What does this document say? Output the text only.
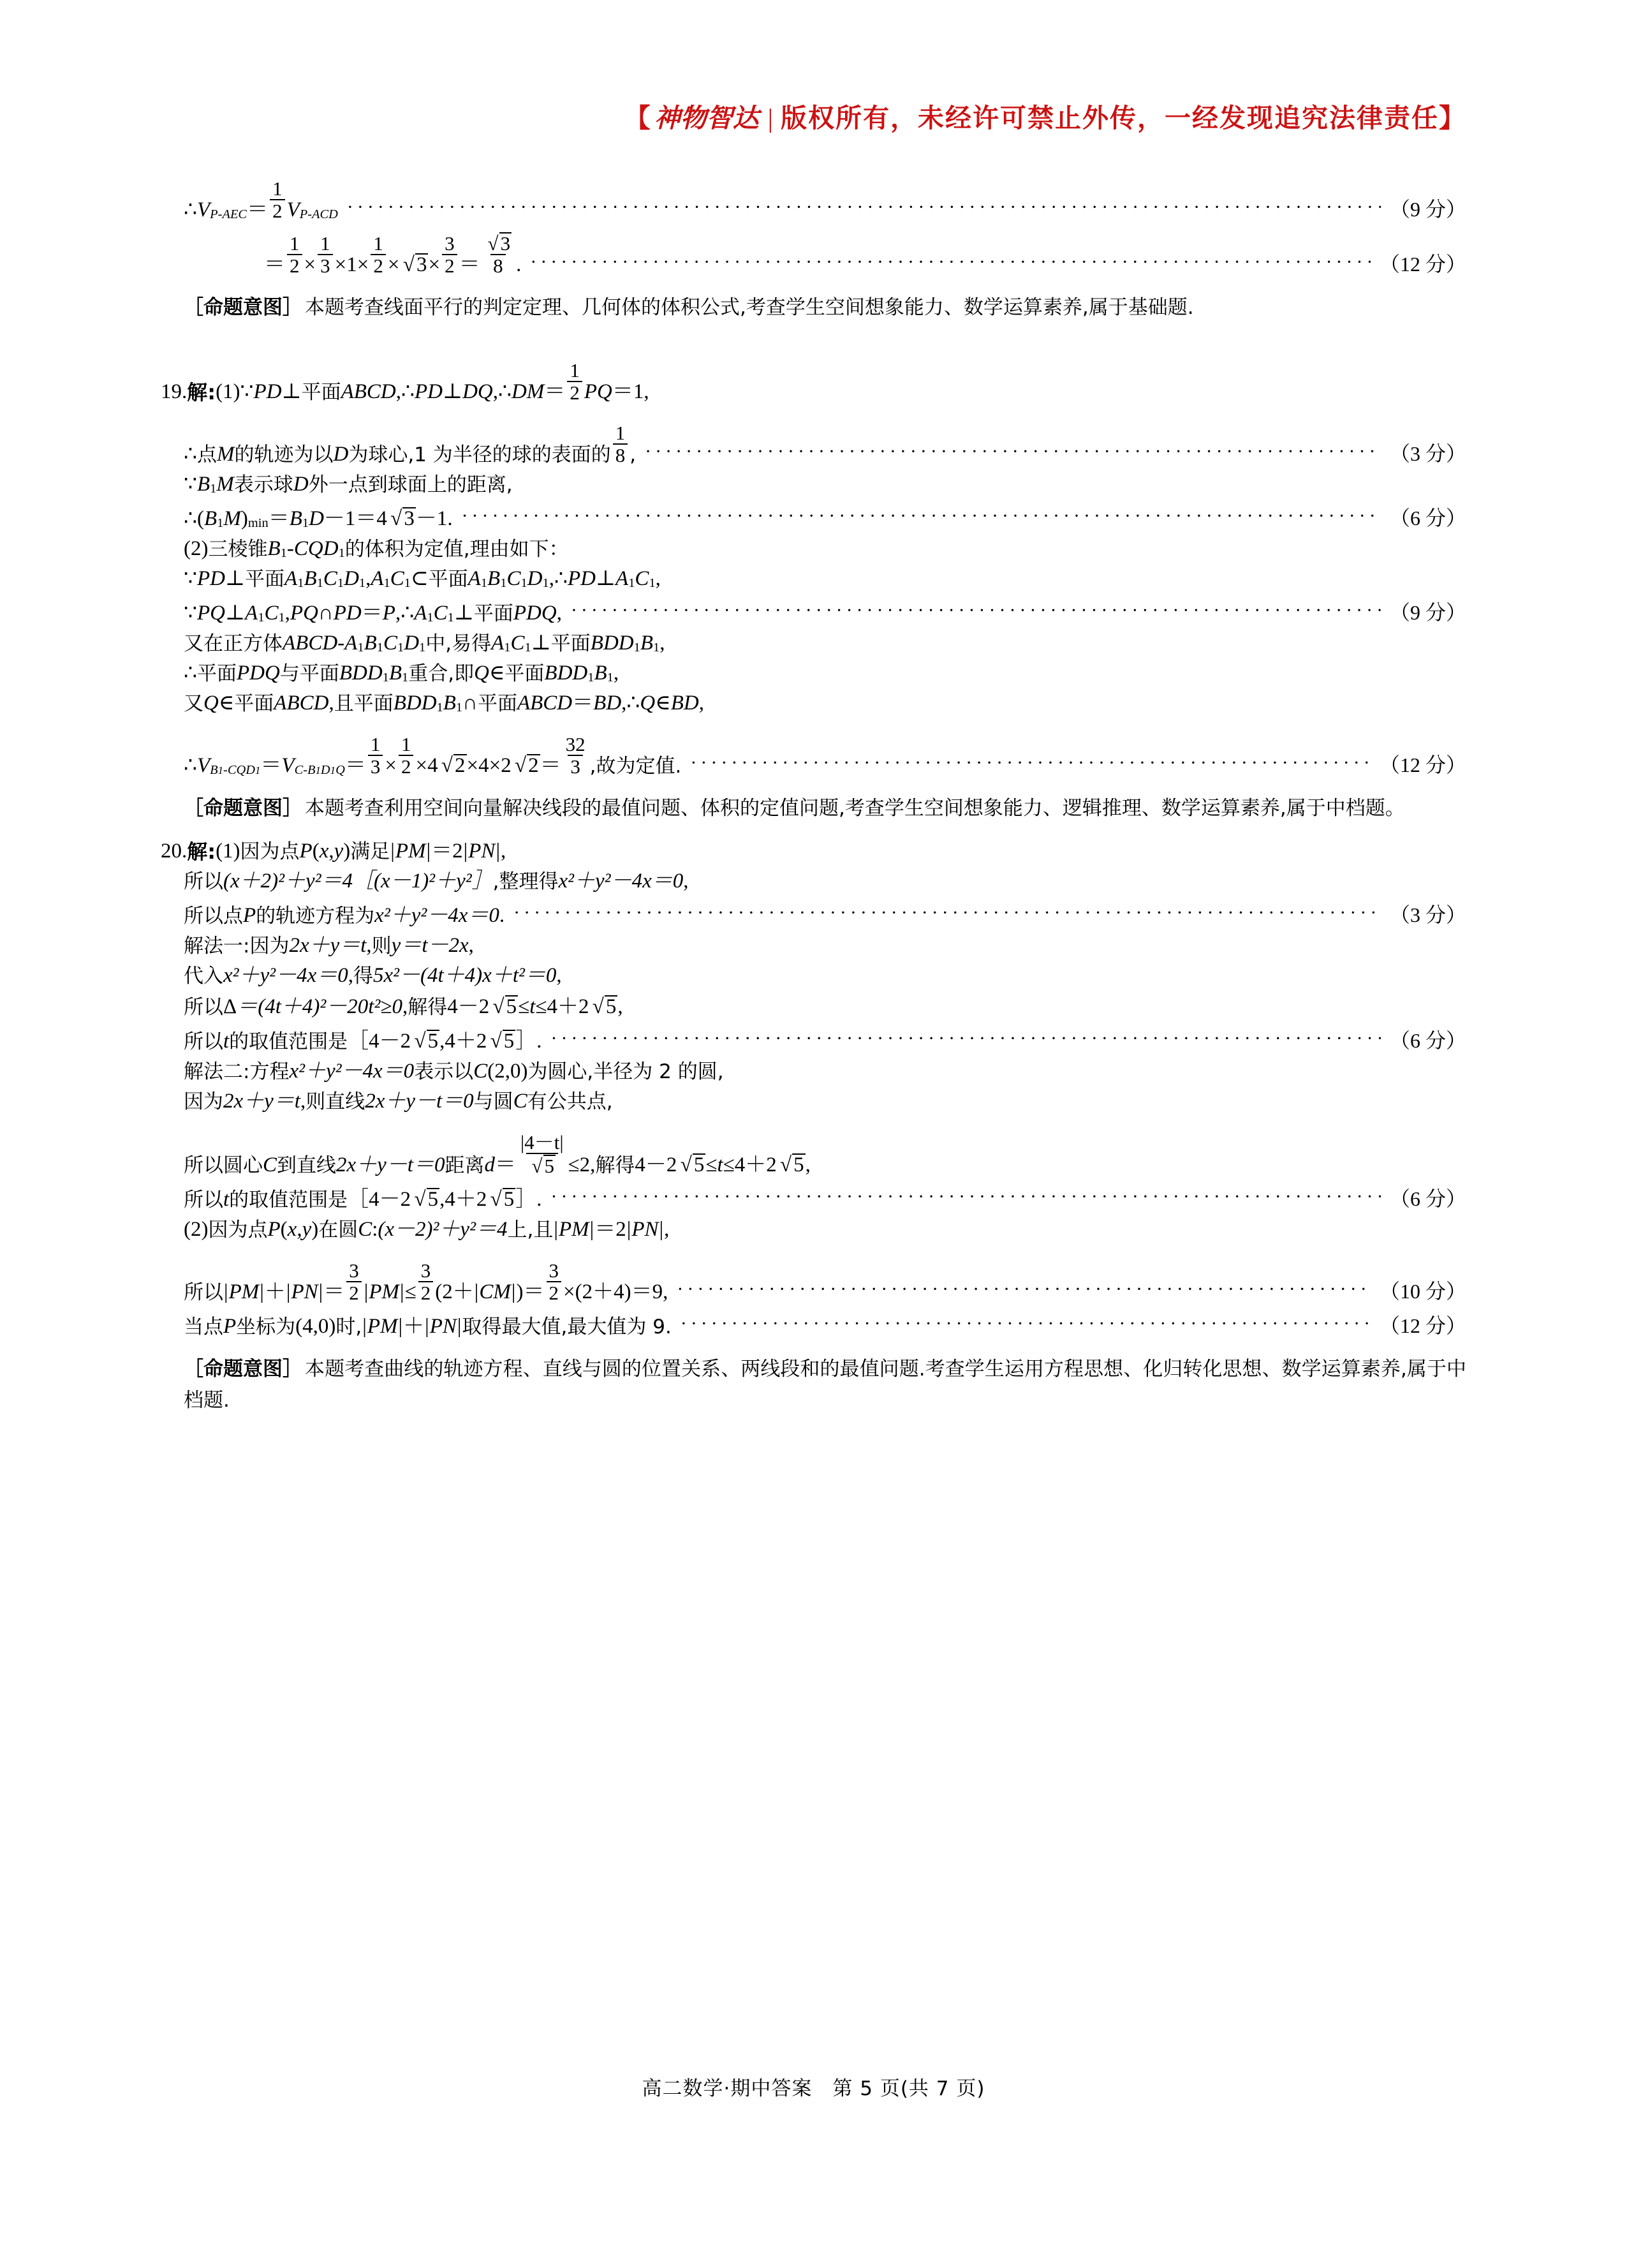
【神物智达 | 版权所有，未经许可禁止外传，一经发现追究法律责任】
∴ V $P-AEC = \frac{1}{2}$ V P-ACD ·····	（9 分）
＝ $\frac{1}{2} \times \frac{1}{3} \times 1 \times \frac{1}{2} \times √3 \times \frac{3}{2} = \frac{√3}{8}$ . ·····	（12 分）
［命题意图］ 本题考查线面平行的判定定理、几何体的体积公式,考查学生空间想象能力、数学运算素养,属于基础题.
19. 解: (1) ∵ PD ⊥ 平面 ABCD , ∴ PD ⊥ DQ , ∴ DM ＝ $\frac{1}{2}$ PQ ＝ 1 ,
∴ 点 M 的轨迹为以 D 为球心,1 为半径的球的表面的 $\frac{1}{8}$ , ·····	（3 分）
∵ B 1 M 表示球 D 外一点到球面上的距离,
∴ ( B 1 M ) min ＝ B 1 D － 1 ＝ 4 √3 － 1 . ·····	（6 分）
(2) 三棱锥 B 1 - CQD 1 的体积为定值,理由如下：
∵ PD ⊥ 平面 A 1 B 1 C 1 D 1 , A 1 C 1 ⊂ 平面 A 1 B 1 C 1 D 1 , ∴ PD ⊥ A 1 C 1 ,
∵ PQ ⊥ A 1 C 1 , PQ ∩ PD ＝ P , ∴ A 1 C 1 ⊥ 平面 PDQ , ·····	（9 分）
又在正方体 ABCD - A 1 B 1 C 1 D 1 中,易得 A 1 C 1 ⊥ 平面 BDD 1 B 1 ,
∴ 平面 PDQ 与平面 BDD 1 B 1 重合,即 Q ∈ 平面 BDD 1 B 1 ,
又 Q ∈ 平面 ABCD , 且平面 BDD 1 B 1 ∩ 平面 ABCD ＝ BD , ∴ Q ∈ BD ,
∴ V B1-CQD1 ＝ V $C-B1D1Q = \frac{1}{3} \times \frac{1}{2} \times 4$ √2 × 4 × 2 $√2 = \frac{32}{3}$ ,故为定值. ·····	（12 分）
［命题意图］ 本题考查利用空间向量解决线段的最值问题、体积的定值问题,考查学生空间想象能力、逻辑推理、数学运算素养,属于中档题。
20. 解: (1) 因为点 P ( x , y ) 满足 | PM | ＝ 2 | PN | ,
所以 (x＋2)²＋y²＝4［(x－1)²＋y²］ ,整理得 x²＋y²－4x＝0 ,
所以点 P 的轨迹方程为 x²＋y²－4x＝0 . ·····	（3 分）
解法一: 因为 2x＋y＝t , 则 y＝t－2x ,
代入 x²＋y²－4x＝0 , 得 5x²－(4t＋4)x＋t²＝0 ,
所以 Δ ＝(4t＋4)²－20t²≥0 , 解得 4－2 √5 ≤ t ≤ 4＋2 √5 ,
所以 t 的取值范围是 ［ 4－2 √5 , 4＋2 √5 ］ . ·····	（6 分）
解法二: 方程 x²＋y²－4x＝0 表示以 C (2,0) 为圆心,半径为 2 的圆,
因为 2x＋y＝t , 则直线 2x＋y－t＝0 与圆 C 有公共点,
所以圆心 C 到直线 2x＋y－t＝0 距离 $d = \frac{|4-t|}{√5} \le 2$ , 解得 4－2 √5 ≤ t ≤ 4＋2 √5 ,
所以 t 的取值范围是 ［ 4－2 √5 , 4＋2 √5 ］ . ·····	（6 分）
(2) 因为点 P ( x , y ) 在圆 C : (x－2)²＋y²＝4 上,且 | PM | ＝ 2 | PN | ,
所以 | PM | ＋ | PN | ＝ $\frac{3}{2}$ | PM | ≤ $\frac{3}{2}$ ( 2 ＋ | CM | ) ＝ $\frac{3}{2} \times (2+4) = 9$ , ·····	（10 分）
当点 P 坐标为 (4,0) 时, | PM | ＋ | PN | 取得最大值,最大值为 9. ·····	（12 分）
［命题意图］ 本题考查曲线的轨迹方程、直线与圆的位置关系、两线段和的最值问题.考查学生运用方程思想、化归转化思想、数学运算素养,属于中档题.
高二数学·期中答案　第 5 页(共 7 页)
